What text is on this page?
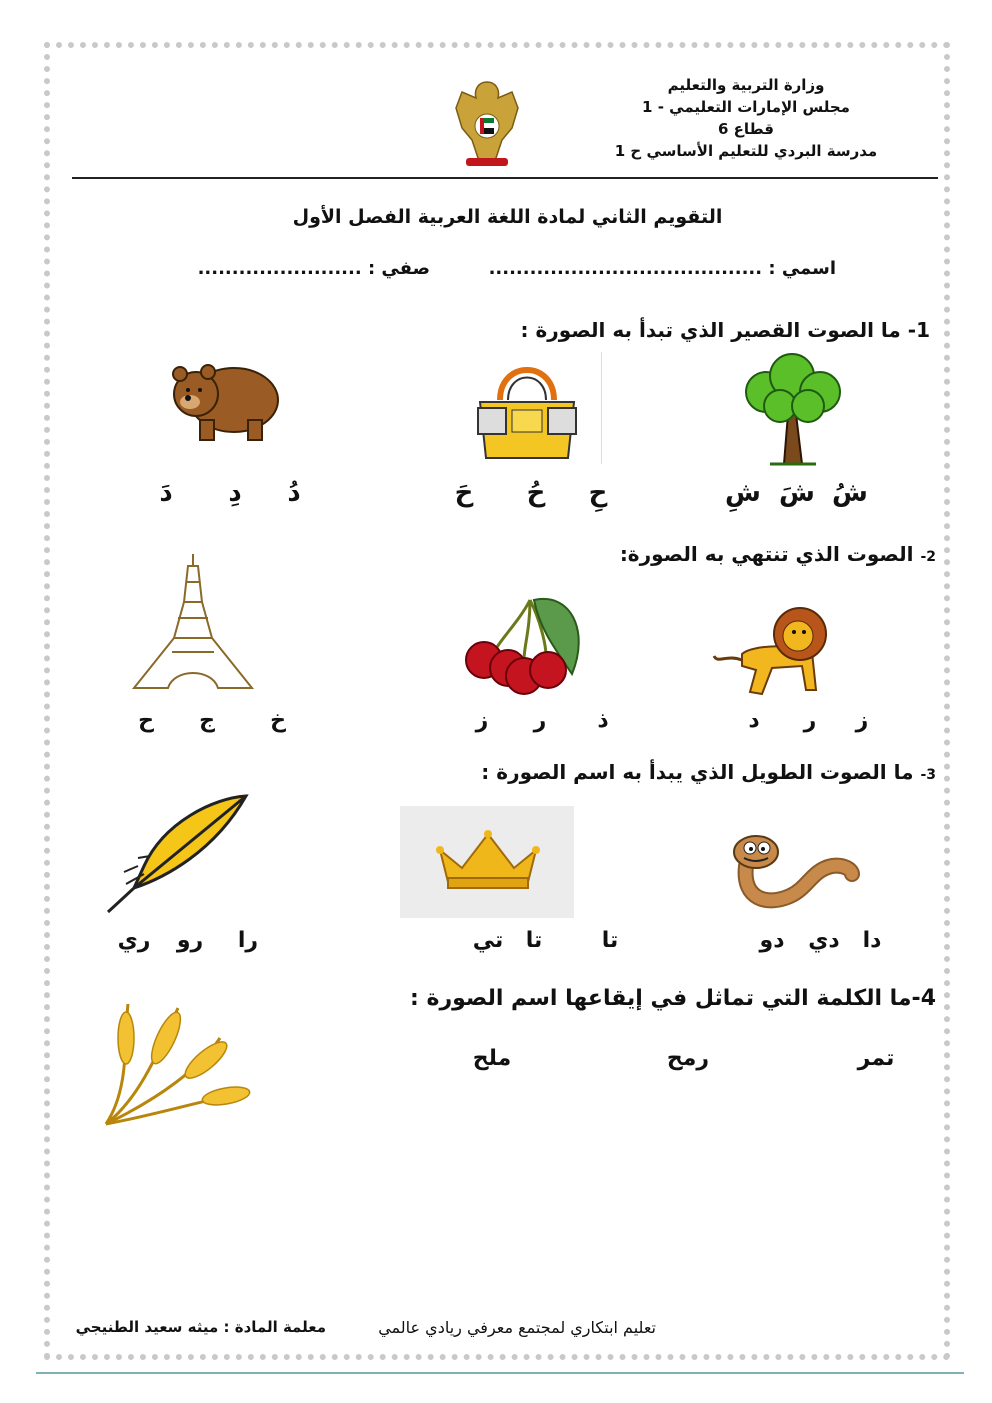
وزارة التربية والتعليم
مجلس الإمارات التعليمي - 1
قطاع 6
مدرسة البردي للتعليم الأساسي ح 1
التقويم الثاني لمادة اللغة العربية الفصل الأول
اسمي : ........................................
صفي : ........................
1- ما الصوت القصير الذي تبدأ به الصورة :
شُ
شَ
شِ
حِ
حُ
حَ
دُ
دِ
دَ
2- الصوت الذي تنتهي به الصورة:
ز
ر
د
ذ
ر
ز
خ
ج
ح
3- ما الصوت الطويل الذي يبدأ به اسم الصورة :
دا
دي
دو
تا
تا
تي
را
رو
ري
4-ما الكلمة التي تماثل في إيقاعها اسم الصورة :
تمر
رمح
ملح
تعليم ابتكاري لمجتمع معرفي ريادي عالمي
معلمة المادة : ميثه سعيد الطنيجي
